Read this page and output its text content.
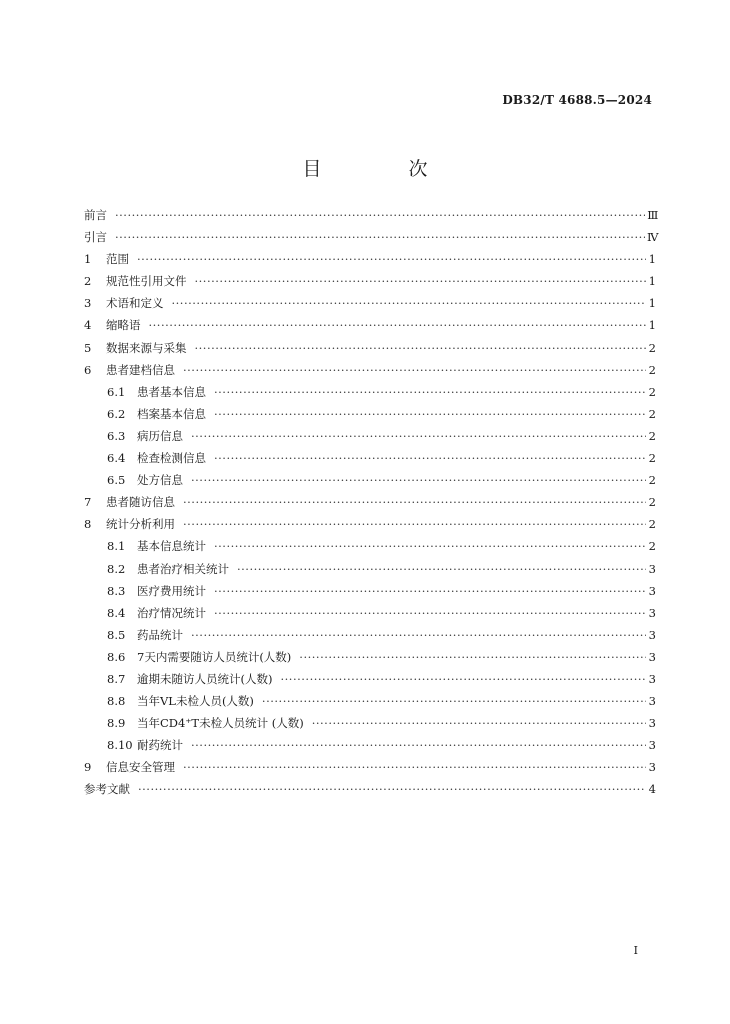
DB32/T 4688.5—2024
目　次
前言 ·····	Ⅲ
引言 ·····	Ⅳ
1	范围 ·····	1
2	规范性引用文件 ·····	1
3	术语和定义 ·····	1
4	缩略语 ·····	1
5	数据来源与采集 ·····	2
6	患者建档信息 ·····	2
6.1	患者基本信息 ·····	2
6.2	档案基本信息 ·····	2
6.3	病历信息 ·····	2
6.4	检查检测信息 ·····	2
6.5	处方信息 ·····	2
7	患者随访信息 ·····	2
8	统计分析利用 ·····	2
8.1	基本信息统计 ·····	2
8.2	患者治疗相关统计 ·····	3
8.3	医疗费用统计 ·····	3
8.4	治疗情况统计 ·····	3
8.5	药品统计 ·····	3
8.6	7天内需要随访人员统计(人数) ·····	3
8.7	逾期未随访人员统计(人数) ·····	3
8.8	当年VL未检人员(人数) ·····	3
8.9	当年CD4⁺T未检人员统计 (人数) ·····	3
8.10 耐药统计 ·····	3
9	信息安全管理 ·····	3
参考文献 ·····	4
I
